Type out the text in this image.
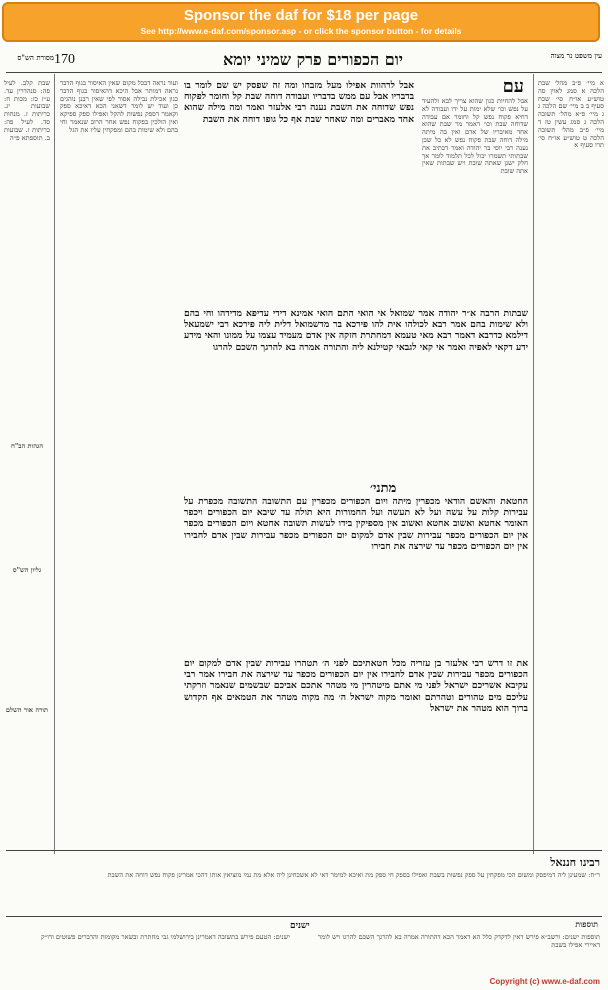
Sponsor the daf for $18 per page
See http://www.e-daf.com/sponsor.asp - or click the sponsor button - for details
170	יום הכפורים פרק שמיני יומא	עין משפט נר מצוה
מסורת הש"ס
א מיי׳ פ״ב מהל׳ שבת הלכה א סמג לאוין סה טוש״ע או״ח סי׳ שכח סעיף ב ב מיי׳ שם הלכה ג ג מיי׳ פ״א מהל׳ תשובה הלכה ג סמג עשין טז ד מיי׳ פ״ב מהל׳ תשובה הלכה ט טוש״ע או״ח סי׳ תרו סעיף א
שבת קלב. לעיל פה: סנהדרין עד. ע״ז כז: מכות ח: שבועות יג. כריתות ז. מנחות סד. לעיל פה: כריתות ז. שבועות ב. תוספתא פ״ה
הגהות הב"ח
גליון הש"ס
תורה אור השלם
עם
אבל להחיות כגון שהוא צריך לבא ולהעיד על נפש וכו׳ שלא ימות על ידו ועבודה לא דחיא פקוח נפש קל וחומר אם עבודה שדוחה שבת וכו׳ דאמר מר שבת שהוא אחד מאיבריו של אדם ואין בה מיתה מילה דוחה שבת פקוח נפש לא כל שכן נענה רבי יוסי בר יהודה ואמר דכתיב את שבתותי תשמרו יכול לכל תלמוד לומר אך חלק ישנן שאתה שובת ויש שבתות שאין אתה שובת
ועוד נראה דבכל מקום שאין האיסור בגוף הדבר נראה דמותר אבל היכא דהאיסור בגוף הדבר כגון אכילת נבילה אסור לפי שאין רבנן נוהגים כן ועוד יש לומר דשאני הכא דאיכא ספק וקאמר דספק נפשות להקל ואפילו ספק ספיקא ואין הולכין בפקוח נפש אחר הרוב שנאמר וחי בהם ולא שימות בהם ומפקחין עליו את הגל
אבל לרהוות אפילו מעל מזבחו ומה זה שפסק יש שם לומר בו בדבריו אבל עם ממש בדבריו ועבודה דוחה שבת קל וחומר לפקוח נפש שדוחה את השבת נענה רבי אלעזר ואמר ומה מילה שהוא אחד מאברים ומה שאחר שבת אף כל גופו דוחה את השבת
שבתות הרבה א״ר יהודה אמר שמואל אי הואי התם הואי אמינא דידי עדיפא מדידהו וחי בהם ולא שימות בהם אמר רבא לכולהו אית להו פירכא בר מדשמואל דלית ליה פירכא רבי ישמעאל דילמא כדרבא דאמר רבא מאי טעמא דמחתרת חזקה אין אדם מעמיד עצמו על ממונו והאי מידע ידע דקאי לאפיה ואמר אי קאי לגבאי קטילנא ליה והתורה אמרה בא להרגך השכם להרגו
מתני׳
החטאת והאשם הודאי מכפרין מיתה ויום הכפורים מכפרין עם התשובה התשובה מכפרת על עבירות קלות על עשה ועל לא תעשה ועל החמורות היא תולה עד שיבא יום הכפורים ויכפר האומר אחטא ואשוב אחטא ואשוב אין מספיקין בידו לעשות תשובה אחטא ויום הכפורים מכפר אין יום הכפורים מכפר עבירות שבין אדם למקום יום הכפורים מכפר עבירות שבין אדם לחבירו אין יום הכפורים מכפר עד שירצה את חבירו
את זו דרש רבי אלעזר בן עזריה מכל חטאתיכם לפני ה׳ תטהרו עבירות שבין אדם למקום יום הכפורים מכפר עבירות שבין אדם לחבירו אין יום הכפורים מכפר עד שירצה את חבירו אמר רבי עקיבא אשריכם ישראל לפני מי אתם מיטהרין מי מטהר אתכם אביכם שבשמים שנאמר וזרקתי עליכם מים טהורים וטהרתם ואומר מקוה ישראל ה׳ מה מקוה מטהר את הטמאים אף הקדוש ברוך הוא מטהר את ישראל
רבינו חננאל
ר״ח: שמעינן ליה דמיפסק ומשום הכי מפקחין על ספק נפשות בשבת ואפילו בספק חי ספק מת ואיכא למימר דאי לא אשכחינן ליה אלא מת נמי מוציאין אותו דהכי אמרינן פקוח נפש דוחה את השבת
ישנים
תוספות ישנים: ורשב״א פירש דאין לדקדק כלל הא דאמר הכא דהתורה אמרה בא להרגך השכם להרגו ויש לומר דאיירי אפילו בשבת
ישנים: הטעם פירש בתשובה דאמרינן בירושלמי גבי מחתרת ובשאר מקומות והדברים פשוטים ודו״ק
תוספות
Copyright (c) www.e-daf.com
